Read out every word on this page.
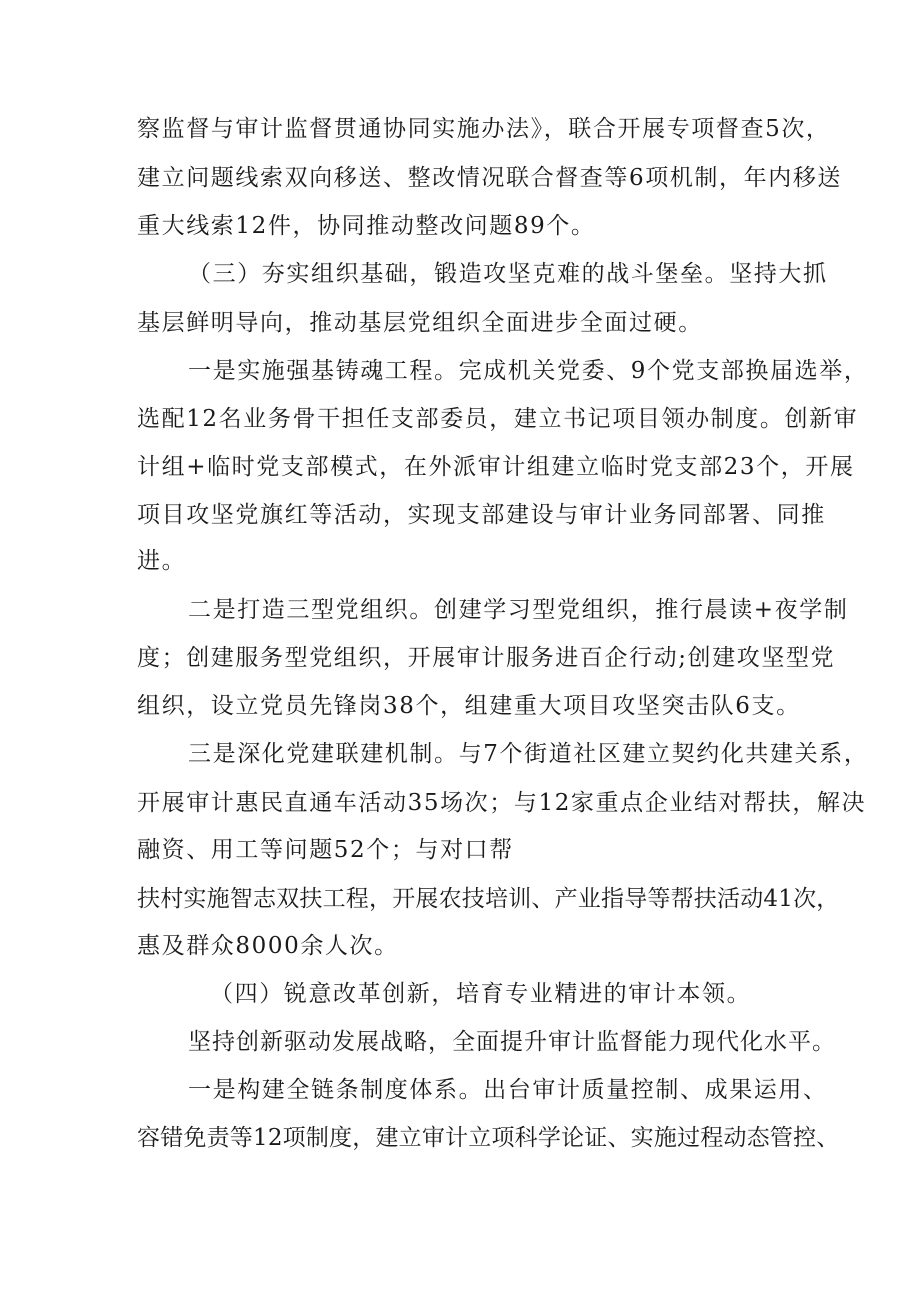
察监督与审计监督贯通协同实施办法》，联合开展专项督查5次，
建立问题线索双向移送、整改情况联合督查等6项机制，年内移送
重大线索12件，协同推动整改问题89个。
（三）夯实组织基础，锻造攻坚克难的战斗堡垒。坚持大抓
基层鲜明导向，推动基层党组织全面进步全面过硬。
一是实施强基铸魂工程。完成机关党委、9个党支部换届选举，
选配12名业务骨干担任支部委员，建立书记项目领办制度。创新审
计组+临时党支部模式，在外派审计组建立临时党支部23个，开展
项目攻坚党旗红等活动，实现支部建设与审计业务同部署、同推
进。
二是打造三型党组织。创建学习型党组织，推行晨读+夜学制
度；创建服务型党组织，开展审计服务进百企行动;创建攻坚型党
组织，设立党员先锋岗38个，组建重大项目攻坚突击队6支。
三是深化党建联建机制。与7个街道社区建立契约化共建关系，
开展审计惠民直通车活动35场次；与12家重点企业结对帮扶，解决
融资、用工等问题52个；与对口帮
扶村实施智志双扶工程，开展农技培训、产业指导等帮扶活动41次，
惠及群众8000余人次。
（四）锐意改革创新，培育专业精进的审计本领。
坚持创新驱动发展战略，全面提升审计监督能力现代化水平。
一是构建全链条制度体系。出台审计质量控制、成果运用、
容错免责等12项制度，建立审计立项科学论证、实施过程动态管控、
